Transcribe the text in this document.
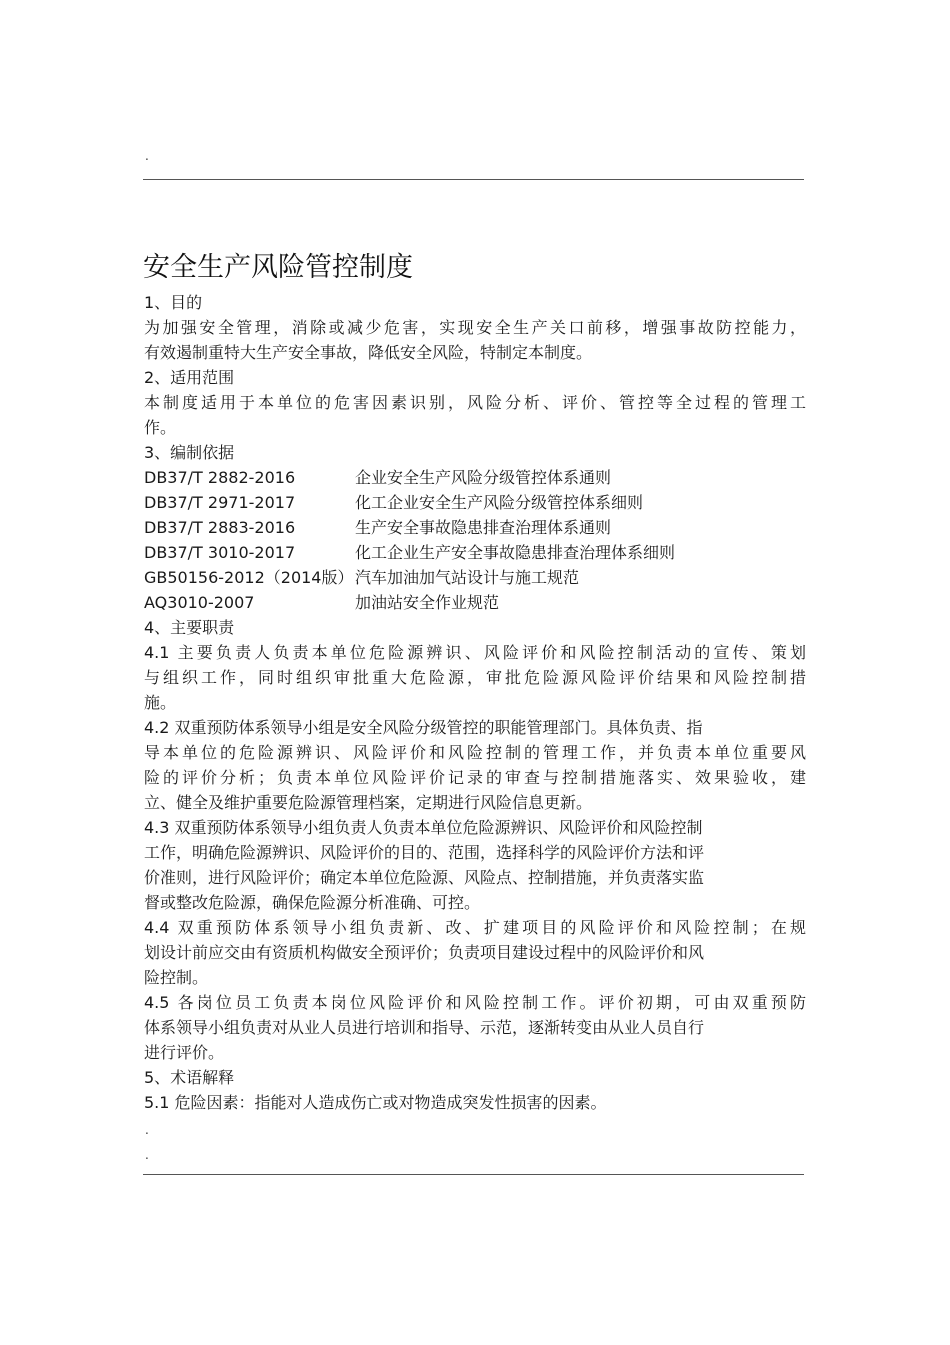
.
安全生产风险管控制度

1、目的

为加强安全管理，消除或减少危害，实现安全生产关口前移，增强事故防控能力，
有效遏制重特大生产安全事故，降低安全风险，特制定本制度。

2、适用范围

本制度适用于本单位的危害因素识别，风险分析、评价、管控等全过程的管理工
作。

3、编制依据

DB37/T 2882-2016	企业安全生产风险分级管控体系通则
DB37/T 2971-2017	化工企业安全生产风险分级管控体系细则
DB37/T 2883-2016	生产安全事故隐患排查治理体系通则
DB37/T 3010-2017	化工企业生产安全事故隐患排查治理体系细则
GB50156-2012（2014版） 汽车加油加气站设计与施工规范
AQ3010-2007	加油站安全作业规范

4、主要职责

4.1 主要负责人负责本单位危险源辨识、风险评价和风险控制活动的宣传、策划
与组织工作，同时组织审批重大危险源，审批危险源风险评价结果和风险控制措
施。
4.2 双重预防体系领导小组是安全风险分级管控的职能管理部门。具体负责、指
导本单位的危险源辨识、风险评价和风险控制的管理工作，并负责本单位重要风
险的评价分析；负责本单位风险评价记录的审查与控制措施落实、效果验收，建
立、健全及维护重要危险源管理档案，定期进行风险信息更新。
4.3 双重预防体系领导小组负责人负责本单位危险源辨识、风险评价和风险控制
工作，明确危险源辨识、风险评价的目的、范围，选择科学的风险评价方法和评
价准则，进行风险评价；确定本单位危险源、风险点、控制措施，并负责落实监
督或整改危险源，确保危险源分析准确、可控。
4.4 双重预防体系领导小组负责新、改、扩建项目的风险评价和风险控制；在规
划设计前应交由有资质机构做安全预评价；负责项目建设过程中的风险评价和风
险控制。
4.5 各岗位员工负责本岗位风险评价和风险控制工作。评价初期，可由双重预防
体系领导小组负责对从业人员进行培训和指导、示范，逐渐转变由从业人员自行
进行评价。

5、术语解释

5.1 危险因素：指能对人造成伤亡或对物造成突发性损害的因素。
.
.
